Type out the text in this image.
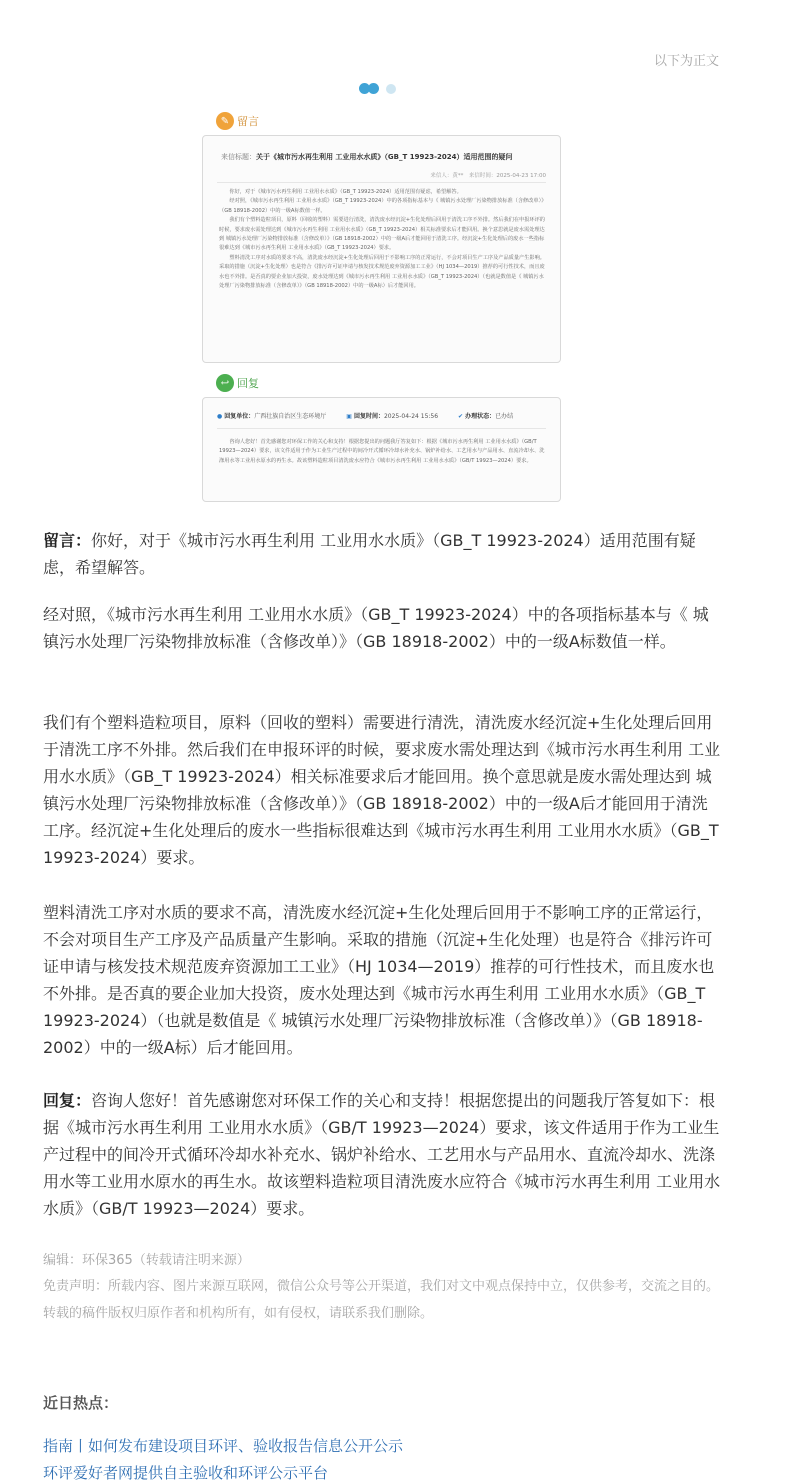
以下为正文
✎ 留言
来信标题：关于《城市污水再生利用 工业用水水质》（GB_T 19923-2024）适用范围的疑问
来信人：黄**　来信时间：2025-04-23 17:00

你好，对于《城市污水再生利用 工业用水水质》（GB_T 19923-2024）适用范围有疑虑，希望解答。

经对照，《城市污水再生利用 工业用水水质》（GB_T 19923-2024）中的各项指标基本与《 城镇污水处理厂污染物排放标准（含修改单）》（GB 18918-2002）中的一级A标数值一样。

我们有个塑料造粒项目，原料（回收的塑料）需要进行清洗，清洗废水经沉淀+生化处理后回用于清洗工序不外排。然后我们在申报环评的时候，要求废水需处理达到《城市污水再生利用 工业用水水质》（GB_T 19923-2024）相关标准要求后才能回用。换个意思就是废水需处理达到 城镇污水处理厂污染物排放标准（含修改单）》（GB 18918-2002）中的一级A后才能回用于清洗工序。经沉淀+生化处理后的废水一些指标很难达到《城市污水再生利用 工业用水水质》（GB_T 19923-2024）要求。

塑料清洗工序对水质的要求不高，清洗废水经沉淀+生化处理后回用于不影响工序的正常运行，不会对项目生产工序及产品质量产生影响。采取的措施（沉淀+生化处理）也是符合《排污许可证申请与核发技术规范废弃资源加工工业》（HJ 1034—2019）推荐的可行性技术，而且废水也不外排。是否真的要企业加大投资，废水处理达到《城市污水再生利用 工业用水水质》（GB_T 19923-2024）（也就是数值是《 城镇污水处理厂污染物排放标准（含修改单）》（GB 18918-2002）中的一级A标）后才能回用。

↩ 回复
● 回复单位：广西壮族自治区生态环境厅	▣ 回复时间：2025-04-24 15:56	✔ 办理状态：已办结
咨询人您好！首先感谢您对环保工作的关心和支持！根据您提出的问题我厅答复如下：根据《城市污水再生利用 工业用水水质》（GB/T 19923—2024）要求，该文件适用于作为工业生产过程中的间冷开式循环冷却水补充水、锅炉补给水、工艺用水与产品用水、直流冷却水、洗涤用水等工业用水原水的再生水。故该塑料造粒项目清洗废水应符合《城市污水再生利用 工业用水水质》（GB/T 19923—2024）要求。

留言：你好，对于《城市污水再生利用 工业用水水质》（GB_T 19923-2024）适用范围有疑虑，希望解答。

经对照，《城市污水再生利用 工业用水水质》（GB_T 19923-2024）中的各项指标基本与《 城镇污水处理厂污染物排放标准（含修改单）》（GB 18918-2002）中的一级A标数值一样。

我们有个塑料造粒项目，原料（回收的塑料）需要进行清洗，清洗废水经沉淀+生化处理后回用于清洗工序不外排。然后我们在申报环评的时候，要求废水需处理达到《城市污水再生利用 工业用水水质》（GB_T 19923-2024）相关标准要求后才能回用。换个意思就是废水需处理达到 城镇污水处理厂污染物排放标准（含修改单）》（GB 18918-2002）中的一级A后才能回用于清洗工序。经沉淀+生化处理后的废水一些指标很难达到《城市污水再生利用 工业用水水质》（GB_T 19923-2024）要求。

塑料清洗工序对水质的要求不高，清洗废水经沉淀+生化处理后回用于不影响工序的正常运行，不会对项目生产工序及产品质量产生影响。采取的措施（沉淀+生化处理）也是符合《排污许可证申请与核发技术规范废弃资源加工工业》（HJ 1034—2019）推荐的可行性技术，而且废水也不外排。是否真的要企业加大投资，废水处理达到《城市污水再生利用 工业用水水质》（GB_T 19923-2024）（也就是数值是《 城镇污水处理厂污染物排放标准（含修改单）》（GB 18918-2002）中的一级A标）后才能回用。

回复：咨询人您好！首先感谢您对环保工作的关心和支持！根据您提出的问题我厅答复如下：根据《城市污水再生利用 工业用水水质》（GB/T 19923—2024）要求，该文件适用于作为工业生产过程中的间冷开式循环冷却水补充水、锅炉补给水、工艺用水与产品用水、直流冷却水、洗涤用水等工业用水原水的再生水。故该塑料造粒项目清洗废水应符合《城市污水再生利用 工业用水水质》（GB/T 19923—2024）要求。

编辑：环保365（转载请注明来源）

免责声明：所载内容、图片来源互联网，微信公众号等公开渠道，我们对文中观点保持中立，仅供参考，交流之目的。转载的稿件版权归原作者和机构所有，如有侵权，请联系我们删除。

近日热点：
指南丨如何发布建设项目环评、验收报告信息公开公示
环评爱好者网提供自主验收和环评公示平台
